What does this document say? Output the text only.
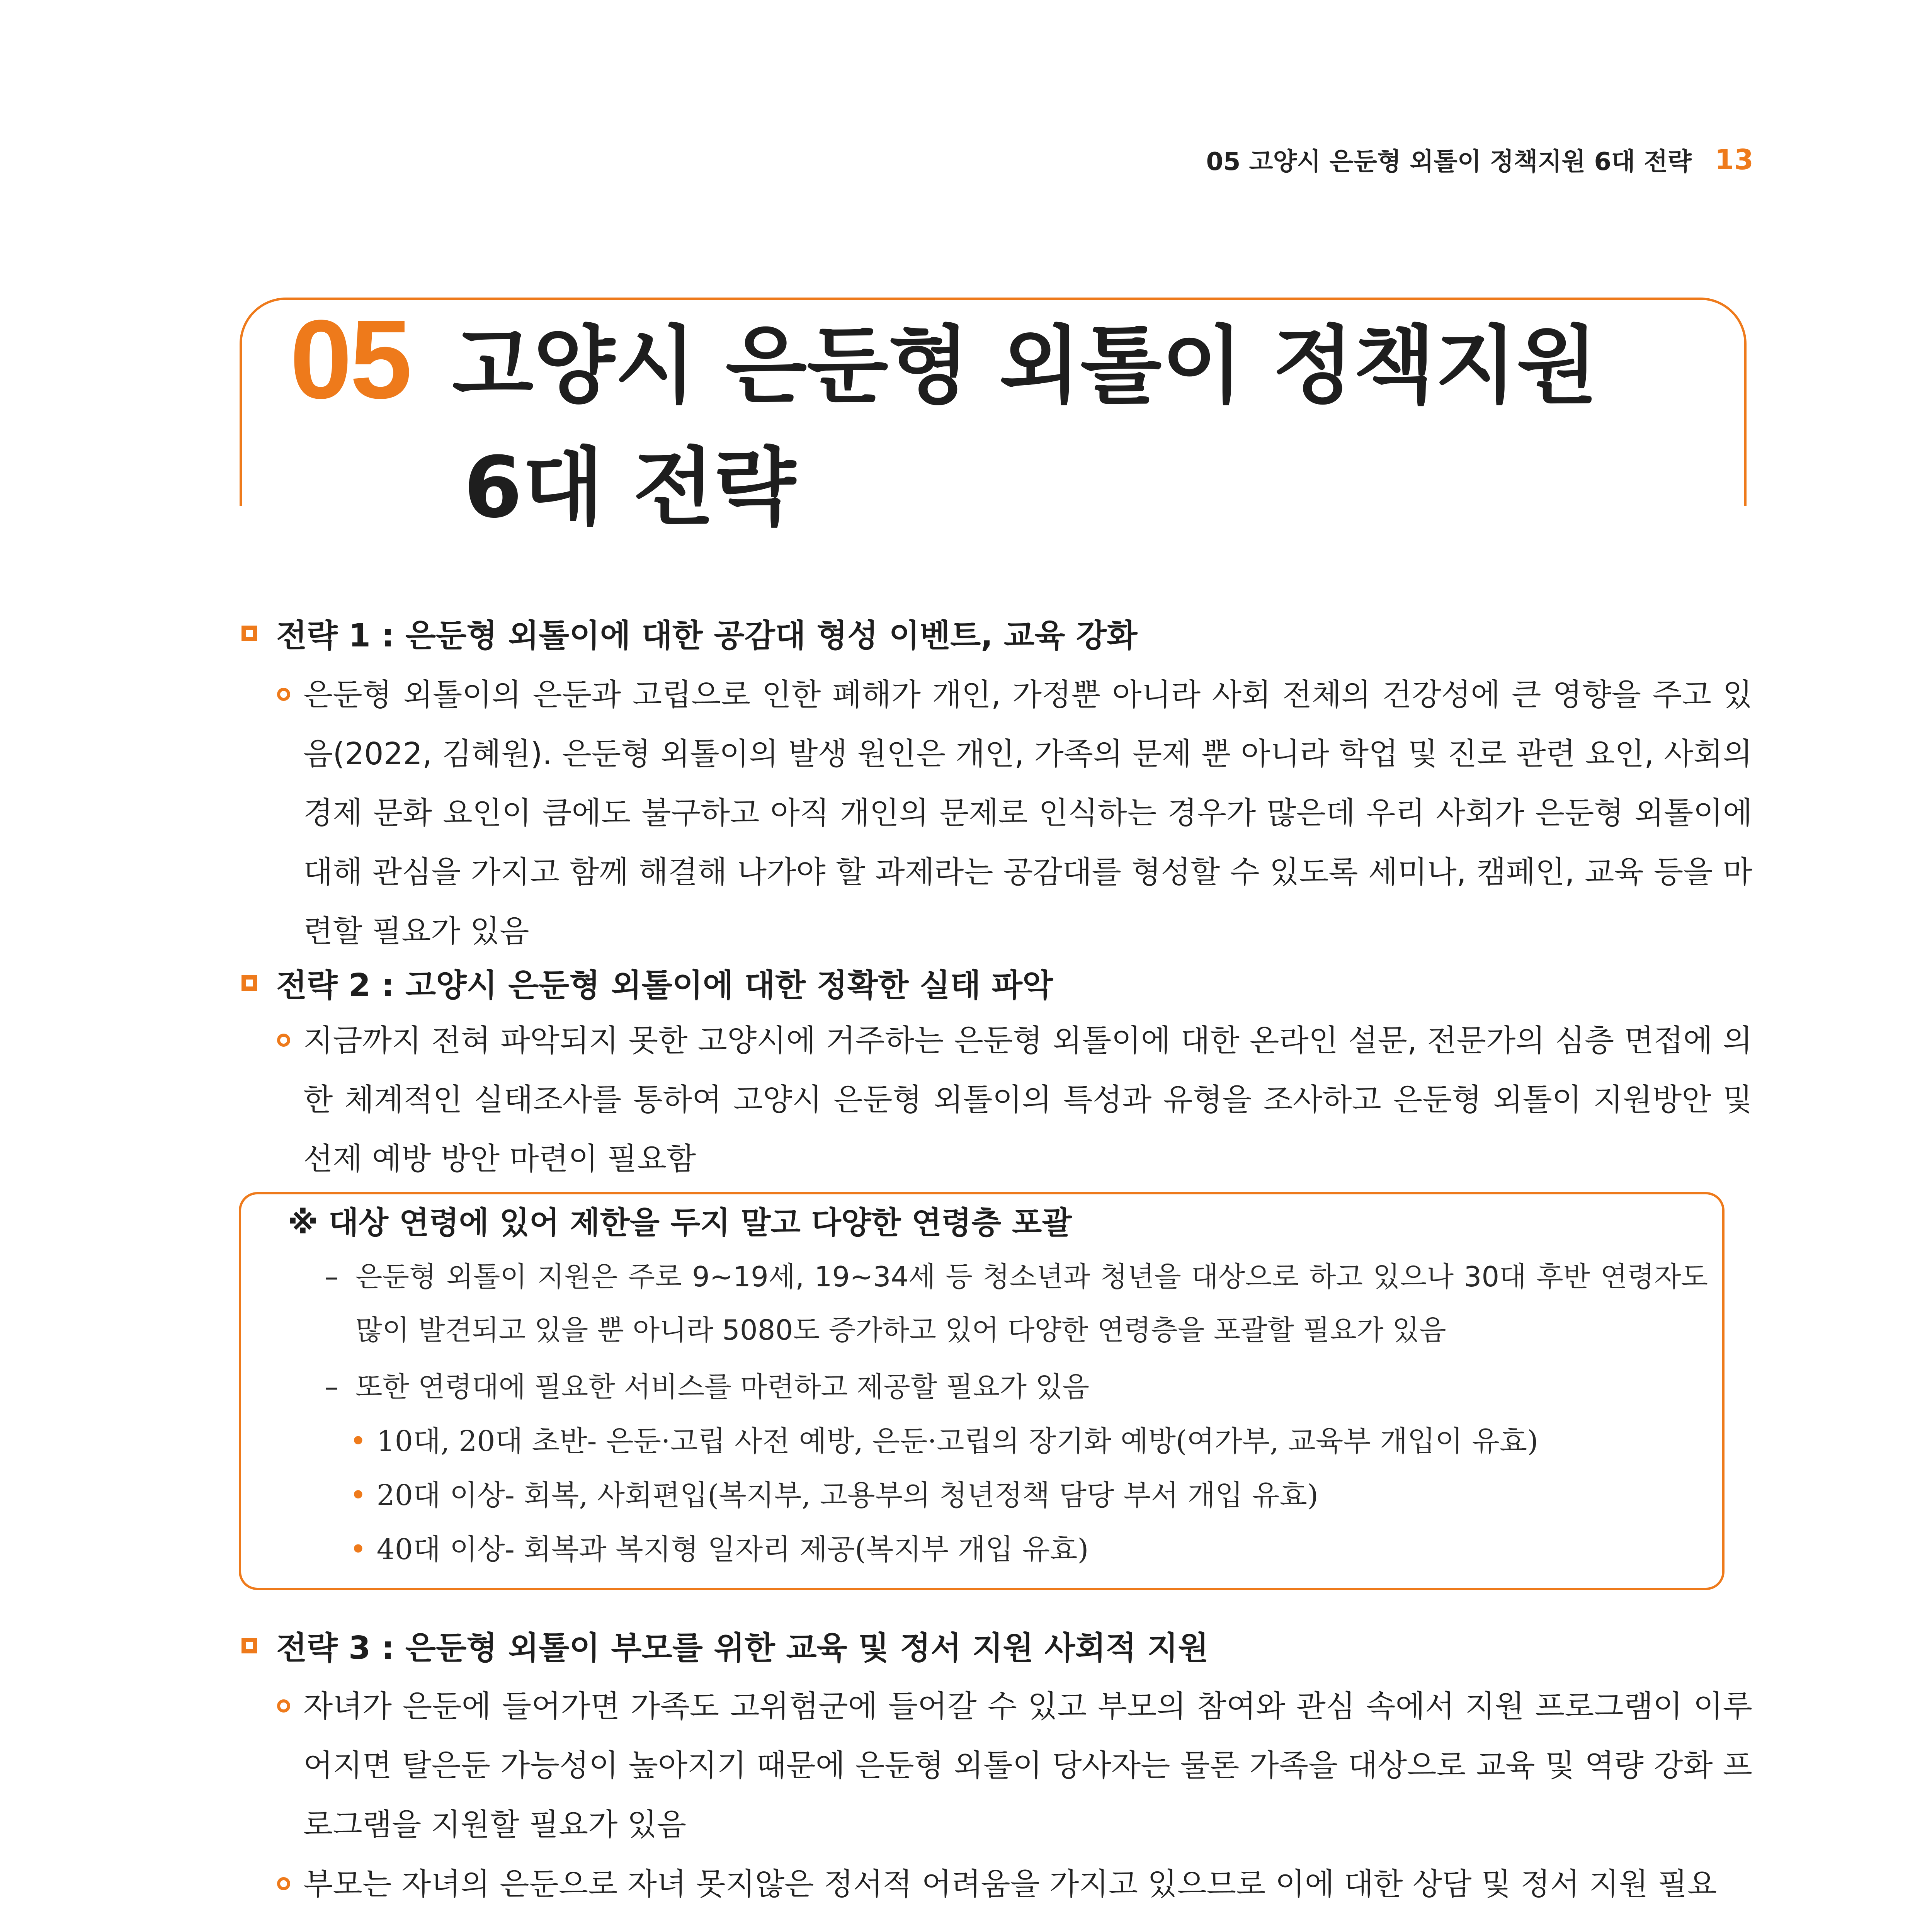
05 고양시 은둔형 외톨이 정책지원 6대 전략 13
05 고양시 은둔형 외톨이 정책지원
6대 전략
전략 1 : 은둔형 외톨이에 대한 공감대 형성 이벤트, 교육 강화
은둔형 외톨이의 은둔과 고립으로 인한 폐해가 개인, 가정뿐 아니라 사회 전체의 건강성에 큰 영향을 주고 있음(2022, 김혜원). 은둔형 외톨이의 발생 원인은 개인, 가족의 문제 뿐 아니라 학업 및 진로 관련 요인, 사회의 경제 문화 요인이 큼에도 불구하고 아직 개인의 문제로 인식하는 경우가 많은데 우리 사회가 은둔형 외톨이에 대해 관심을 가지고 함께 해결해 나가야 할 과제라는 공감대를 형성할 수 있도록 세미나, 캠페인, 교육 등을 마련할 필요가 있음
전략 2 : 고양시 은둔형 외톨이에 대한 정확한 실태 파악
지금까지 전혀 파악되지 못한 고양시에 거주하는 은둔형 외톨이에 대한 온라인 설문, 전문가의 심층 면접에 의한 체계적인 실태조사를 통하여 고양시 은둔형 외톨이의 특성과 유형을 조사하고 은둔형 외톨이 지원방안 및 선제 예방 방안 마련이 필요함
※ 대상 연령에 있어 제한을 두지 말고 다양한 연령층 포괄
– 은둔형 외톨이 지원은 주로 9~19세, 19~34세 등 청소년과 청년을 대상으로 하고 있으나 30대 후반 연령자도 많이 발견되고 있을 뿐 아니라 5080도 증가하고 있어 다양한 연령층을 포괄할 필요가 있음
– 또한 연령대에 필요한 서비스를 마련하고 제공할 필요가 있음
• 10대, 20대 초반- 은둔·고립 사전 예방, 은둔·고립의 장기화 예방(여가부, 교육부 개입이 유효)
• 20대 이상- 회복, 사회편입(복지부, 고용부의 청년정책 담당 부서 개입 유효)
• 40대 이상- 회복과 복지형 일자리 제공(복지부 개입 유효)
전략 3 : 은둔형 외톨이 부모를 위한 교육 및 정서 지원 사회적 지원
자녀가 은둔에 들어가면 가족도 고위험군에 들어갈 수 있고 부모의 참여와 관심 속에서 지원 프로그램이 이루어지면 탈은둔 가능성이 높아지기 때문에 은둔형 외톨이 당사자는 물론 가족을 대상으로 교육 및 역량 강화 프로그램을 지원할 필요가 있음
부모는 자녀의 은둔으로 자녀 못지않은 정서적 어려움을 가지고 있으므로 이에 대한 상담 및 정서 지원 필요
